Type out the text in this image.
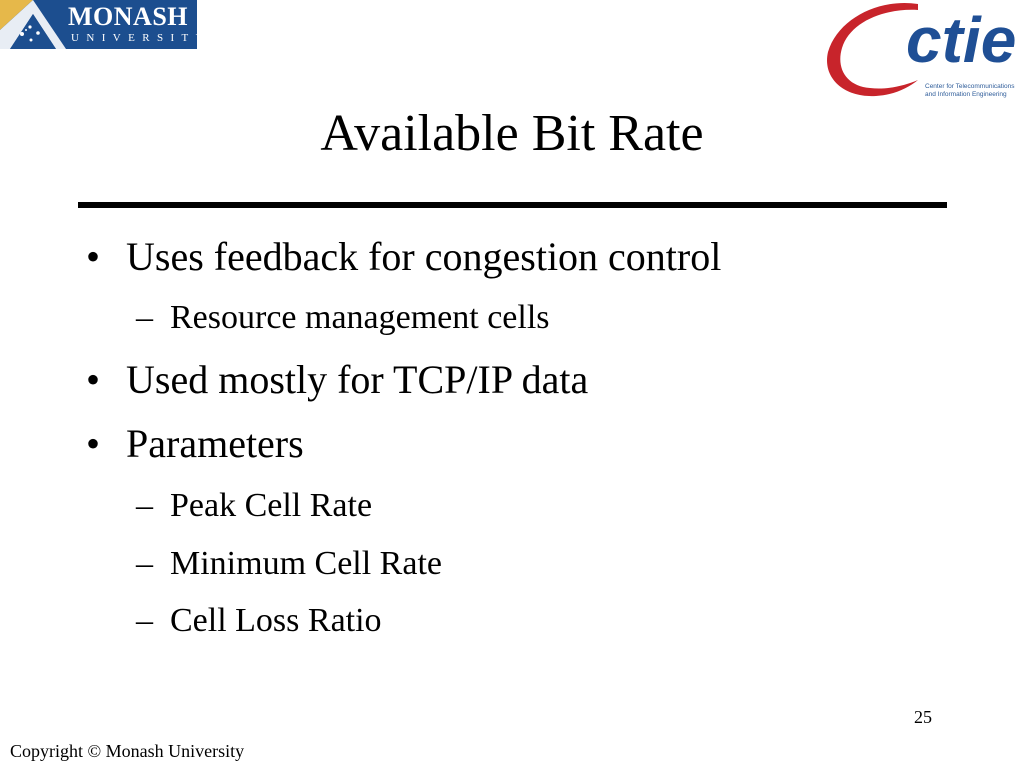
MONASH
UNIVERSITY	ctie
Center for Telecommunications
and Information Engineering
Available Bit Rate
• Uses feedback for congestion control
– Resource management cells
• Used mostly for TCP/IP data
• Parameters
– Peak Cell Rate
– Minimum Cell Rate
– Cell Loss Ratio
25
Copyright © Monash University
